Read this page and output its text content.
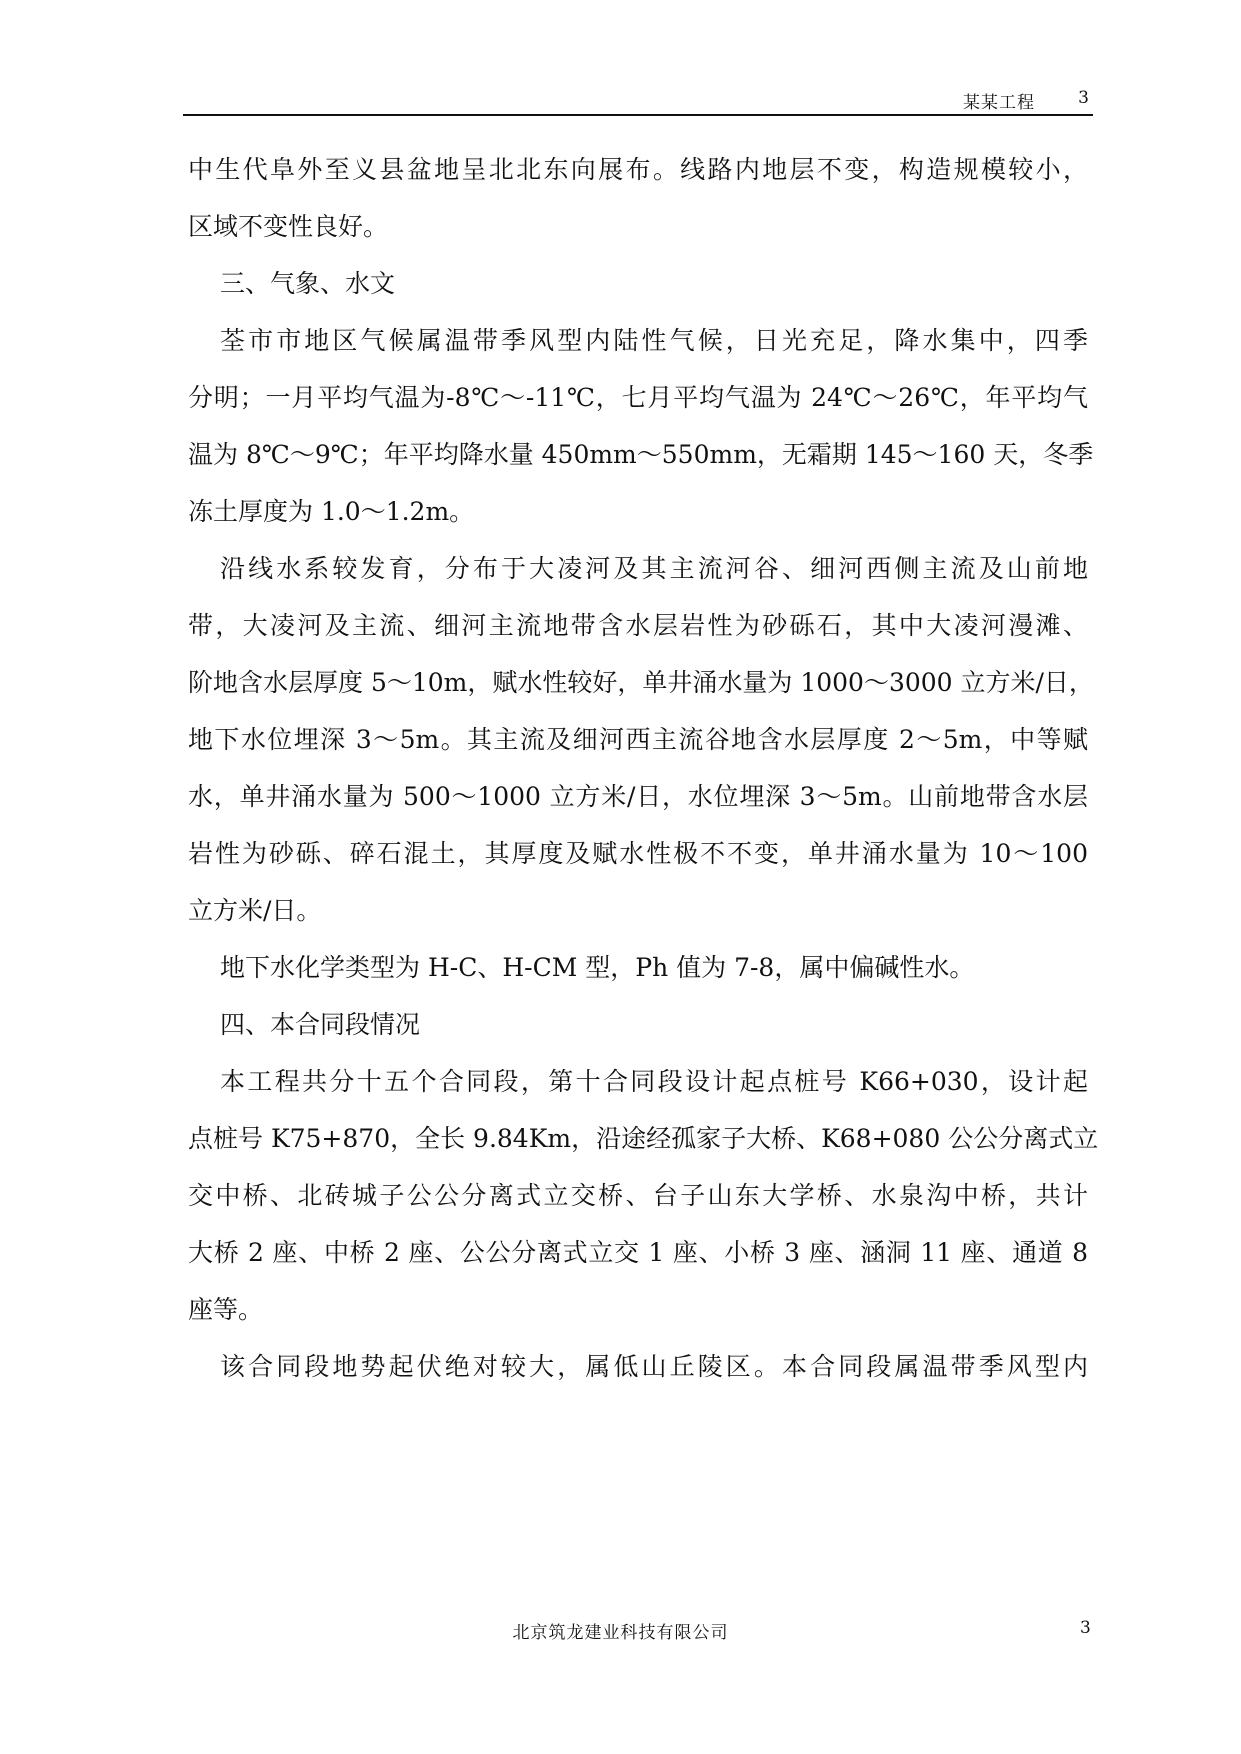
某某工程	3
中生代阜外至义县盆地呈北北东向展布。线路内地层不变，构造规模较小，
区域不变性良好。
三、气象、水文
荃市市地区气候属温带季风型内陆性气候，日光充足，降水集中，四季
分明；一月平均气温为-8℃～-11℃，七月平均气温为 24℃～26℃，年平均气
温为 8℃～9℃；年平均降水量 450mm～550mm，无霜期 145～160 天，冬季
冻土厚度为 1.0～1.2m。
沿线水系较发育，分布于大凌河及其主流河谷、细河西侧主流及山前地
带，大凌河及主流、细河主流地带含水层岩性为砂砾石，其中大凌河漫滩、
阶地含水层厚度 5～10m，赋水性较好，单井涌水量为 1000～3000 立方米/日，
地下水位埋深 3～5m。其主流及细河西主流谷地含水层厚度 2～5m，中等赋
水，单井涌水量为 500～1000 立方米/日，水位埋深 3～5m。山前地带含水层
岩性为砂砾、碎石混土，其厚度及赋水性极不不变，单井涌水量为 10～100
立方米/日。
地下水化学类型为 H-C、H-CM 型，Ph 值为 7-8，属中偏碱性水。
四、本合同段情况
本工程共分十五个合同段，第十合同段设计起点桩号 K66+030，设计起
点桩号 K75+870，全长 9.84Km，沿途经孤家子大桥、K68+080 公公分离式立
交中桥、北砖城子公公分离式立交桥、台子山东大学桥、水泉沟中桥，共计
大桥 2 座、中桥 2 座、公公分离式立交 1 座、小桥 3 座、涵洞 11 座、通道 8
座等。
该合同段地势起伏绝对较大，属低山丘陵区。本合同段属温带季风型内
北京筑龙建业科技有限公司	3
